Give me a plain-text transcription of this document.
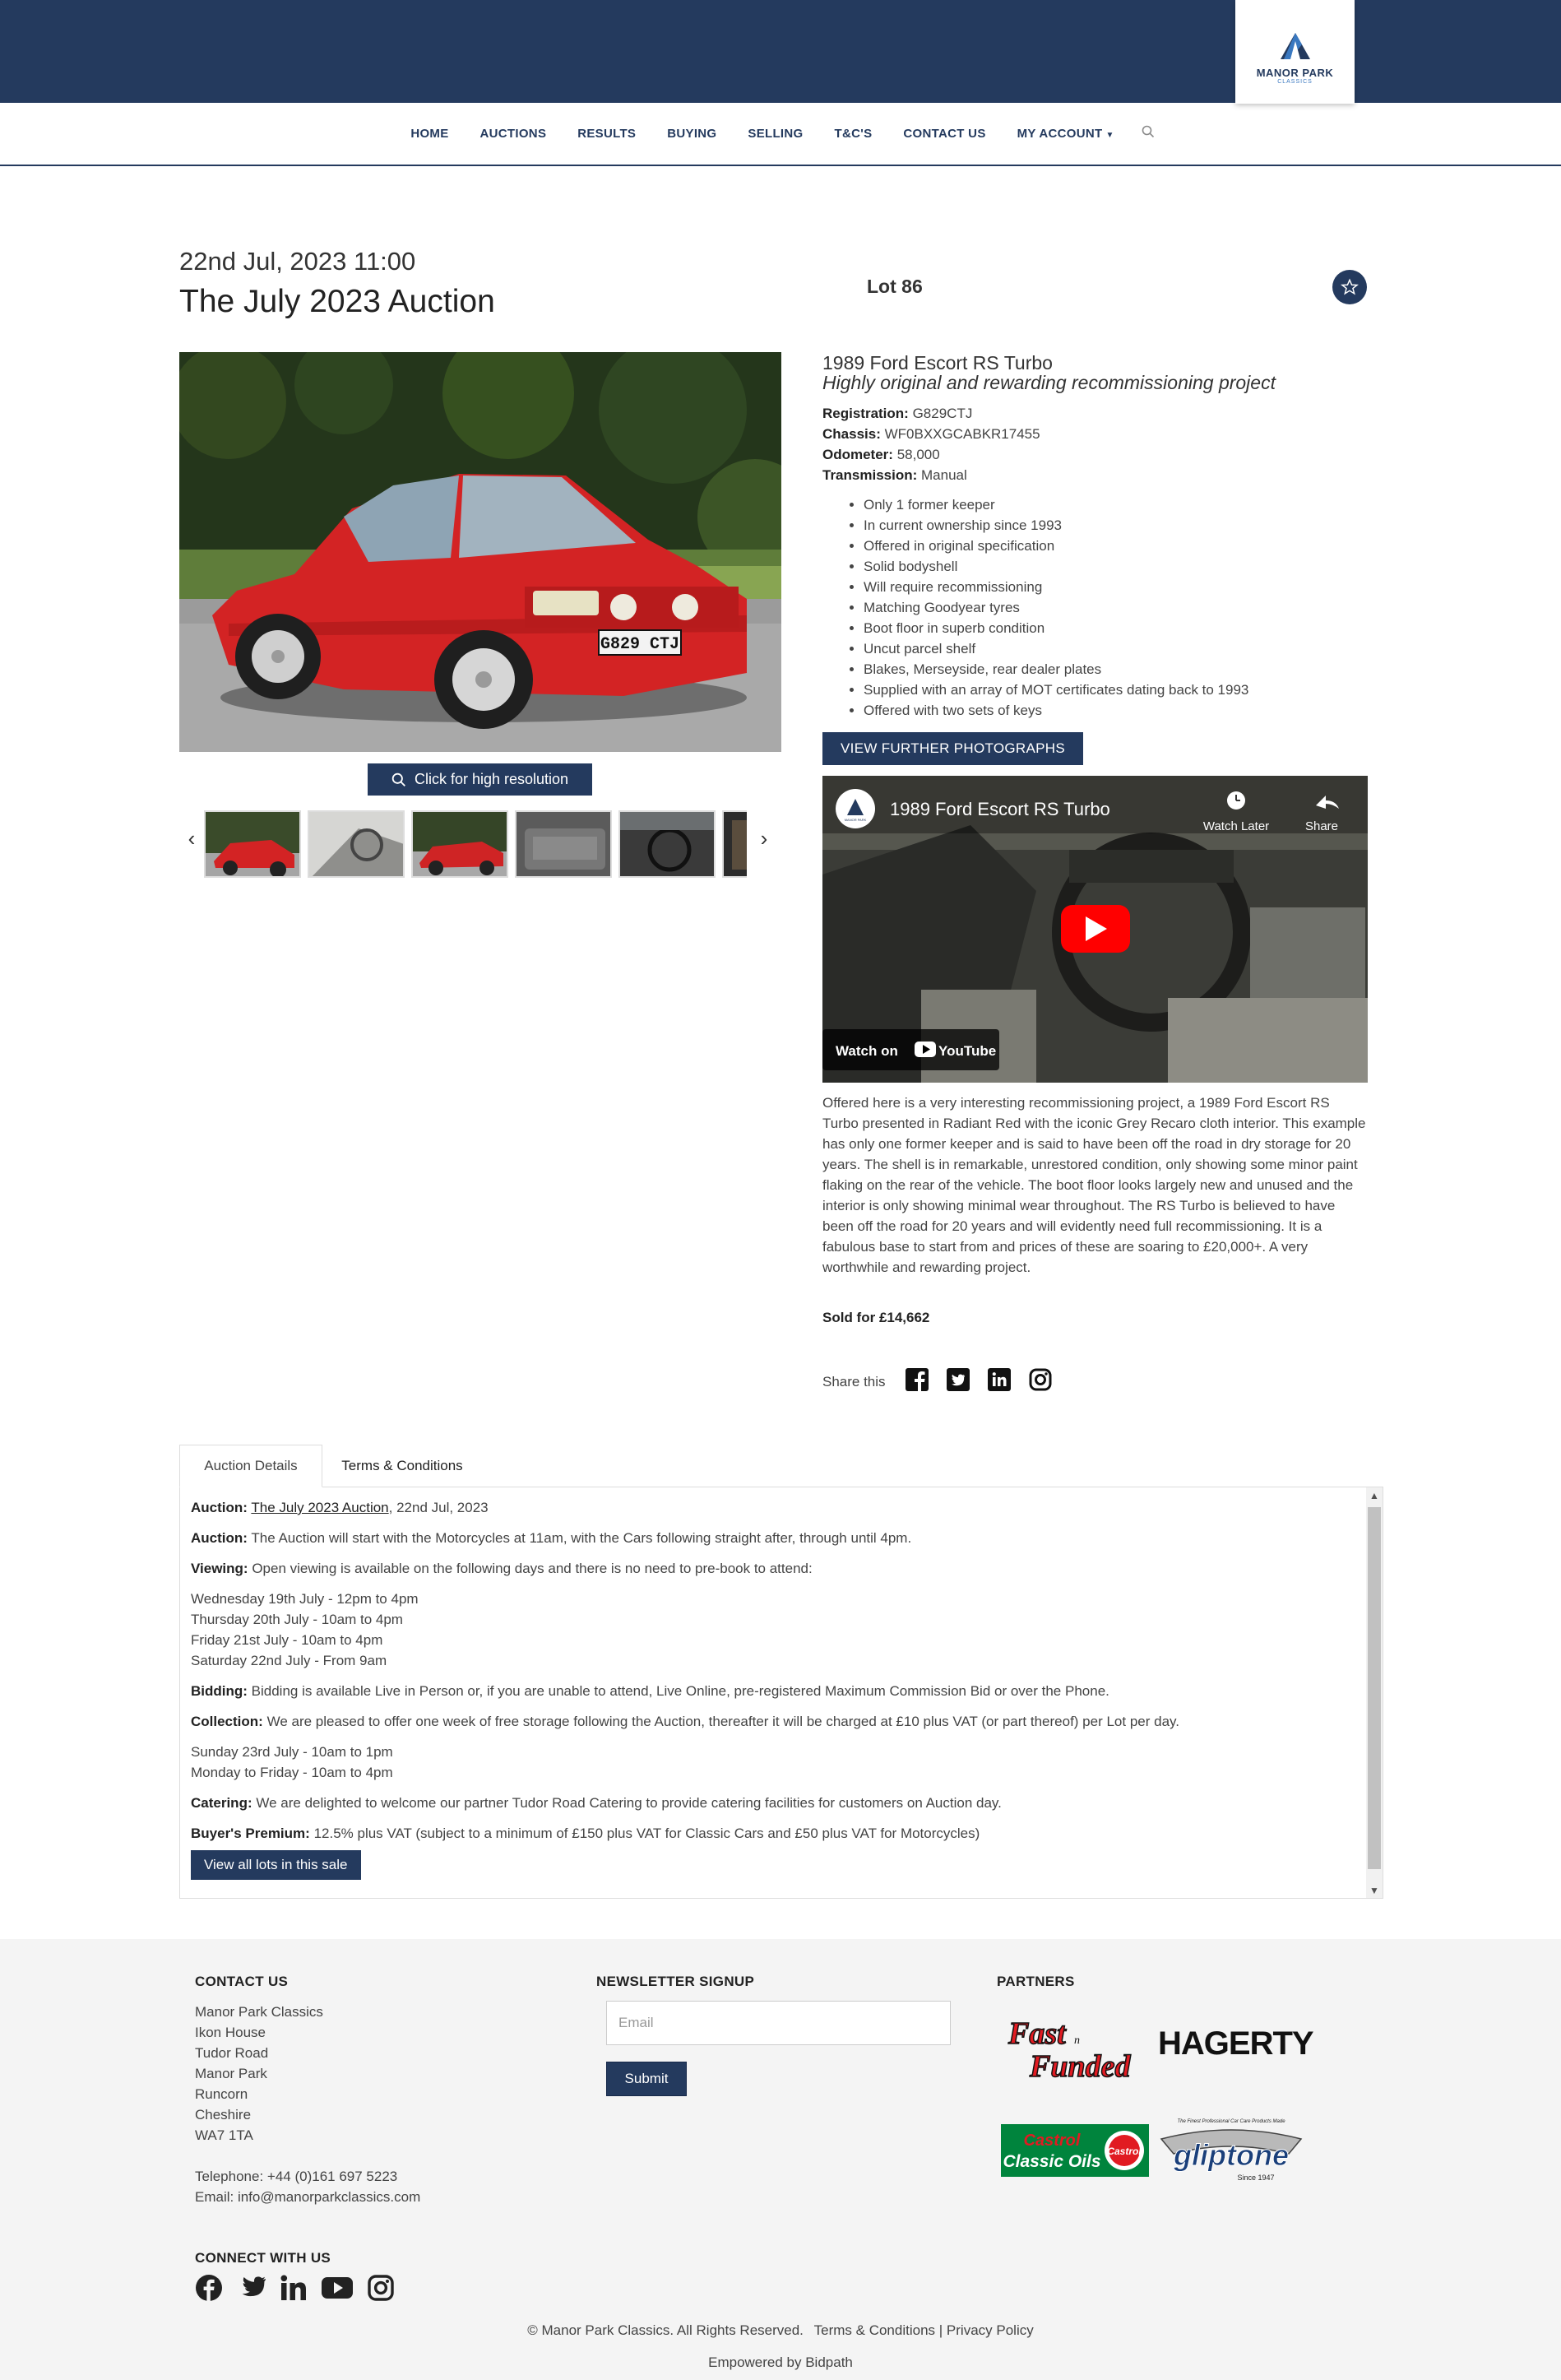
MANOR PARK
CLASSICS
HOME	AUCTIONS	RESULTS	BUYING	SELLING	T&C'S	CONTACT US	MY ACCOUNT ▼
22nd Jul, 2023 11:00
The July 2023 Auction	Lot 86
G829 CTJ
Click for high resolution
‹	›
1989 Ford Escort RS Turbo
Highly original and rewarding recommissioning project
Registration: G829CTJ
Chassis: WF0BXXGCABKR17455
Odometer: 58,000
Transmission: Manual
• Only 1 former keeper
• In current ownership since 1993
• Offered in original specification
• Solid bodyshell
• Will require recommissioning
• Matching Goodyear tyres
• Boot floor in superb condition
• Uncut parcel shelf
• Blakes, Merseyside, rear dealer plates
• Supplied with an array of MOT certificates dating back to 1993
• Offered with two sets of keys
VIEW FURTHER PHOTOGRAPHS
MANOR PARK
1989 Ford Escort RS Turbo
Watch Later	Share
Watch on	YouTube
Offered here is a very interesting recommissioning project, a 1989 Ford Escort RS Turbo presented in Radiant Red with the iconic Grey Recaro cloth interior. This example has only one former keeper and is said to have been off the road in dry storage for 20 years. The shell is in remarkable, unrestored condition, only showing some minor paint flaking on the rear of the vehicle. The boot floor looks largely new and unused and the interior is only showing minimal wear throughout. The RS Turbo is believed to have been off the road for 20 years and will evidently need full recommissioning. It is a fabulous base to start from and prices of these are soaring to £20,000+. A very worthwhile and rewarding project.
Sold for £14,662
Share this
Auction Details	Terms & Conditions

Auction: The July 2023 Auction, 22nd Jul, 2023

Auction: The Auction will start with the Motorcycles at 11am, with the Cars following straight after, through until 4pm.

Viewing: Open viewing is available on the following days and there is no need to pre-book to attend:

Wednesday 19th July - 12pm to 4pm
Thursday 20th July - 10am to 4pm
Friday 21st July - 10am to 4pm
Saturday 22nd July - From 9am

Bidding: Bidding is available Live in Person or, if you are unable to attend, Live Online, pre-registered Maximum Commission Bid or over the Phone.

Collection: We are pleased to offer one week of free storage following the Auction, thereafter it will be charged at £10 plus VAT (or part thereof) per Lot per day.

Sunday 23rd July - 10am to 1pm
Monday to Friday - 10am to 4pm

Catering: We are delighted to welcome our partner Tudor Road Catering to provide catering facilities for customers on Auction day.

Buyer's Premium: 12.5% plus VAT (subject to a minimum of £150 plus VAT for Classic Cars and £50 plus VAT for Motorcycles)

View all lots in this sale
▲
▼
CONTACT US
Manor Park Classics
Ikon House
Tudor Road
Manor Park
Runcorn
Cheshire
WA7 1TA
Telephone: +44 (0)161 697 5223
Email: info@manorparkclassics.com
NEWSLETTER SIGNUP
Email
Submit
PARTNERS
Fast n
Funded
HAGERTY
Castrol
Classic Oils
Castrol
The Finest Professional Car Care Products Made
gliptone
Since 1947
CONNECT WITH US
© Manor Park Classics. All Rights Reserved. Terms & Conditions | Privacy Policy
Empowered by Bidpath
